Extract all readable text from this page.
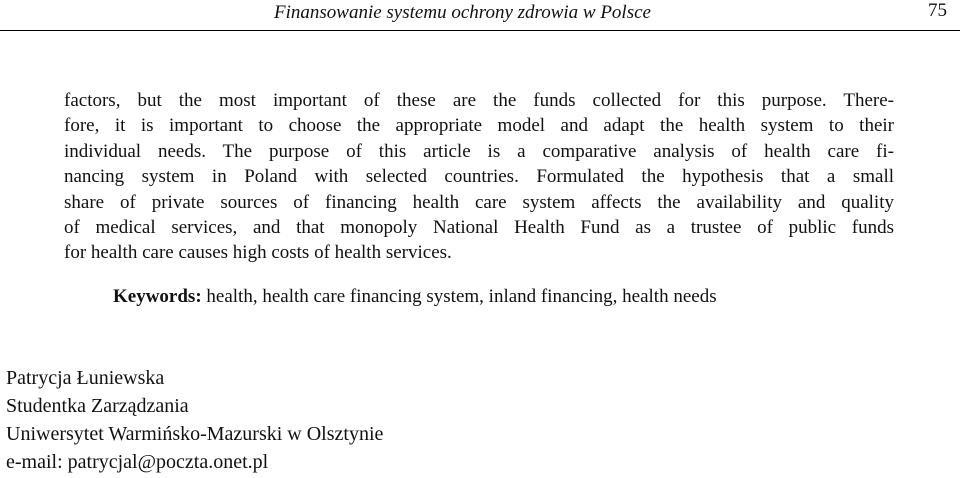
Finansowanie systemu ochrony zdrowia w Polsce	75
factors, but the most important of these are the funds collected for this purpose. There-
fore, it is important to choose the appropriate model and adapt the health system to their
individual needs. The purpose of this article is a comparative analysis of health care fi-
nancing system in Poland with selected countries. Formulated the hypothesis that a small
share of private sources of financing health care system affects the availability and quality
of medical services, and that monopoly National Health Fund as a trustee of public funds
for health care causes high costs of health services.
Keywords: health, health care financing system, inland financing, health needs
Patrycja Łuniewska
Studentka Zarządzania
Uniwersytet Warmińsko-Mazurski w Olsztynie
e-mail: patrycjal@poczta.onet.pl
